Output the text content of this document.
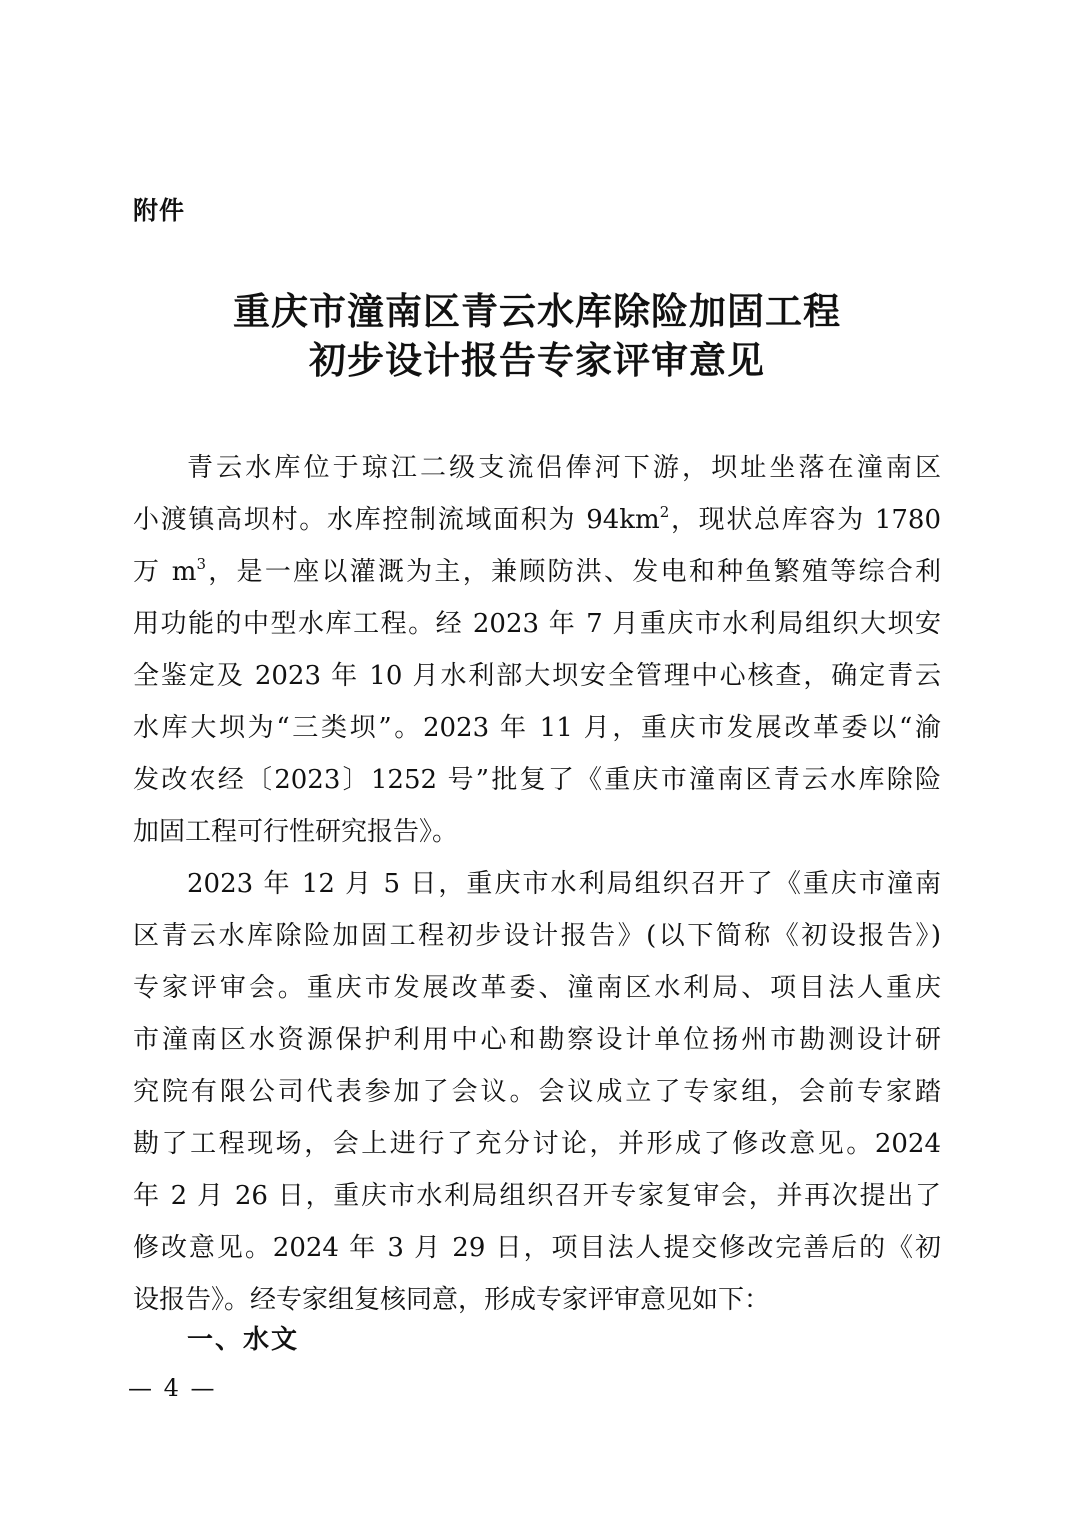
附件
重庆市潼南区青云水库除险加固工程
初步设计报告专家评审意见
青云水库位于琼江二级支流侣俸河下游，坝址坐落在潼南区
小渡镇高坝村。水库控制流域面积为 $94km^2$，现状总库容为 1780
万 $m^3$，是一座以灌溉为主，兼顾防洪、发电和种鱼繁殖等综合利
用功能的中型水库工程。经 2023 年 7 月重庆市水利局组织大坝安
全鉴定及 2023 年 10 月水利部大坝安全管理中心核查，确定青云
水库大坝为“三类坝”。2023 年 11 月，重庆市发展改革委以“渝
发改农经〔2023〕1252 号”批复了《重庆市潼南区青云水库除险
加固工程可行性研究报告》。
2023 年 12 月 5 日，重庆市水利局组织召开了《重庆市潼南
区青云水库除险加固工程初步设计报告》(以下简称《初设报告》)
专家评审会。重庆市发展改革委、潼南区水利局、项目法人重庆
市潼南区水资源保护利用中心和勘察设计单位扬州市勘测设计研
究院有限公司代表参加了会议。会议成立了专家组，会前专家踏
勘了工程现场，会上进行了充分讨论，并形成了修改意见。2024
年 2 月 26 日，重庆市水利局组织召开专家复审会，并再次提出了
修改意见。2024 年 3 月 29 日，项目法人提交修改完善后的《初
设报告》。经专家组复核同意，形成专家评审意见如下：
一、水文
— 4 —
